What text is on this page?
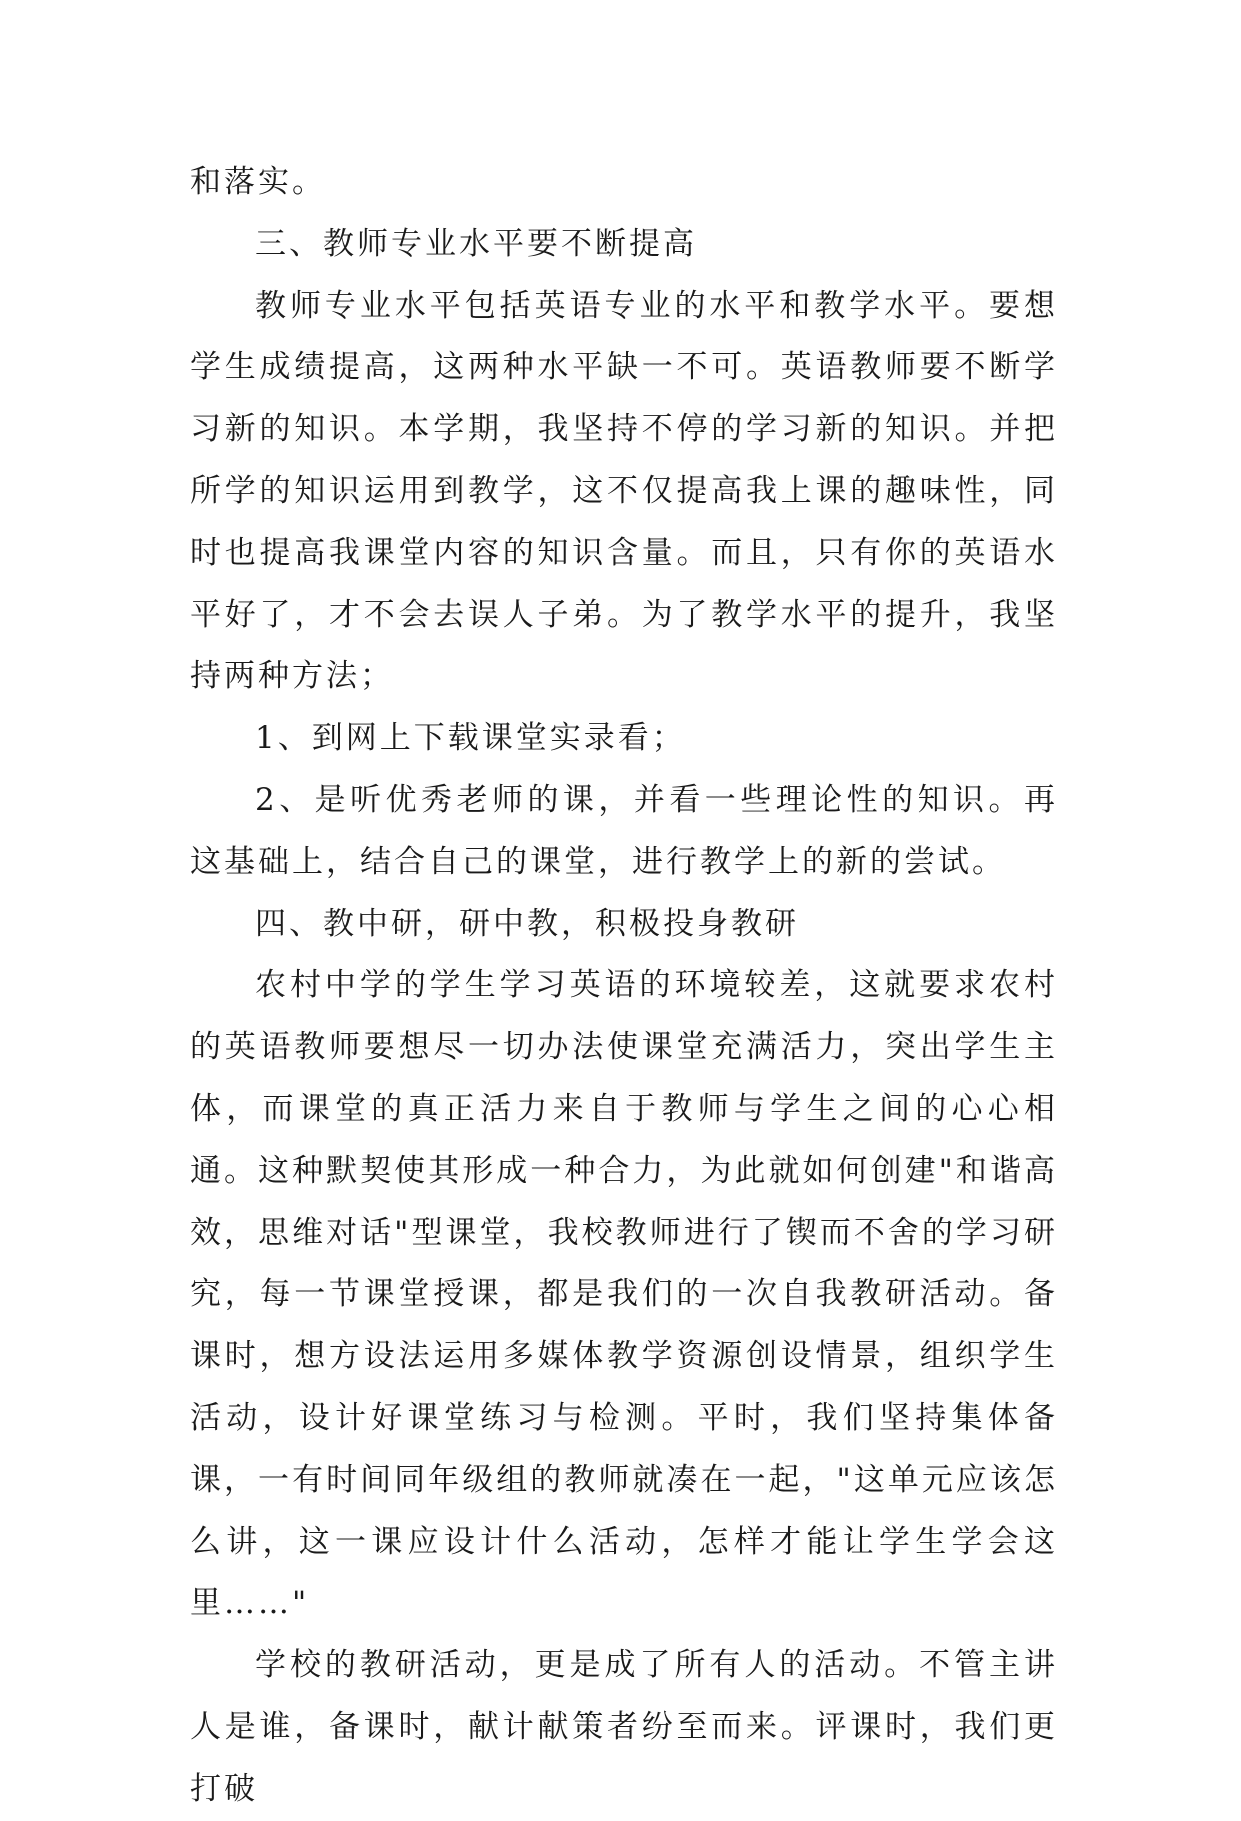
和落实。

三、教师专业水平要不断提高

教师专业水平包括英语专业的水平和教学水平。要想学生成绩提高，这两种水平缺一不可。英语教师要不断学习新的知识。本学期，我坚持不停的学习新的知识。并把所学的知识运用到教学，这不仅提高我上课的趣味性，同时也提高我课堂内容的知识含量。而且，只有你的英语水平好了，才不会去误人子弟。为了教学水平的提升，我坚持两种方法；

1、到网上下载课堂实录看；

2、是听优秀老师的课，并看一些理论性的知识。再这基础上，结合自己的课堂，进行教学上的新的尝试。

四、教中研，研中教，积极投身教研

农村中学的学生学习英语的环境较差，这就要求农村的英语教师要想尽一切办法使课堂充满活力，突出学生主体，而课堂的真正活力来自于教师与学生之间的心心相通。这种默契使其形成一种合力，为此就如何创建"和谐高效，思维对话"型课堂，我校教师进行了锲而不舍的学习研究，每一节课堂授课，都是我们的一次自我教研活动。备课时，想方设法运用多媒体教学资源创设情景，组织学生活动，设计好课堂练习与检测。平时，我们坚持集体备课，一有时间同年级组的教师就凑在一起，"这单元应该怎么讲，这一课应设计什么活动，怎样才能让学生学会这里……"

学校的教研活动，更是成了所有人的活动。不管主讲人是谁，备课时，献计献策者纷至而来。评课时，我们更打破
